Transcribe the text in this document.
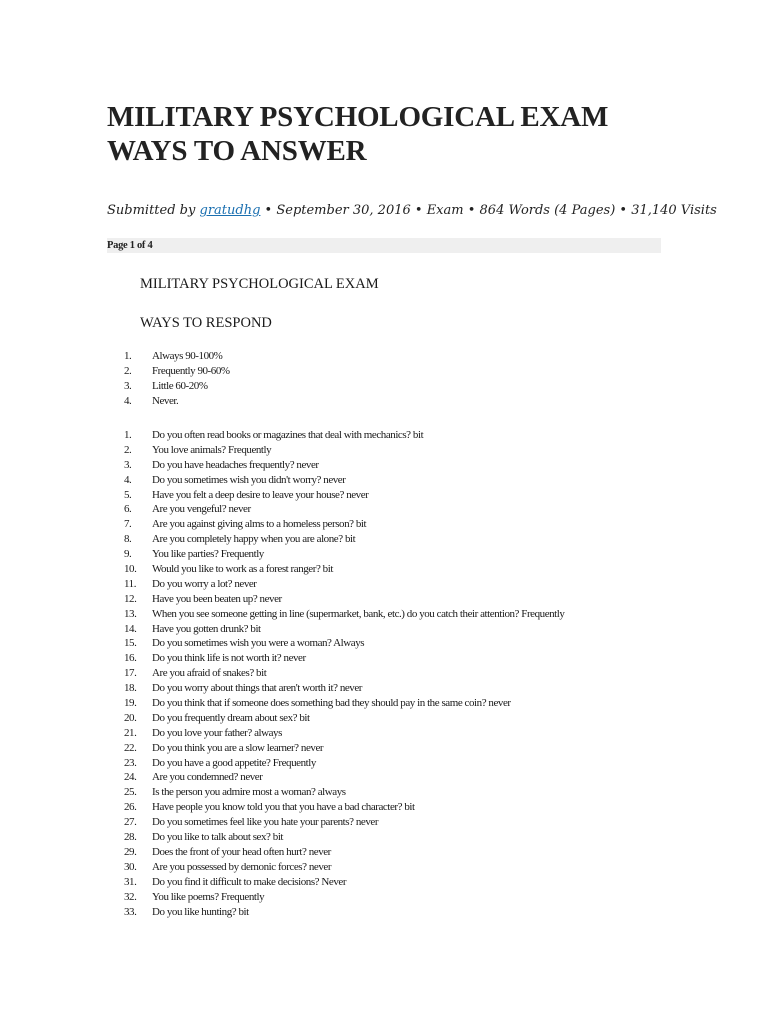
MILITARY PSYCHOLOGICAL EXAM
WAYS TO ANSWER
Submitted by gratudhg • September 30, 2016 • Exam • 864 Words (4 Pages) • 31,140 Visits
Page 1 of 4
MILITARY PSYCHOLOGICAL EXAM
WAYS TO RESPOND
1.	Always 90-100%
2.	Frequently 90-60%
3.	Little 60-20%
4.	Never.
1.	Do you often read books or magazines that deal with mechanics? bit
2.	You love animals? Frequently
3.	Do you have headaches frequently? never
4.	Do you sometimes wish you didn't worry? never
5.	Have you felt a deep desire to leave your house? never
6.	Are you vengeful? never
7.	Are you against giving alms to a homeless person? bit
8.	Are you completely happy when you are alone? bit
9.	You like parties? Frequently
10.	Would you like to work as a forest ranger? bit
11.	Do you worry a lot? never
12.	Have you been beaten up? never
13.	When you see someone getting in line (supermarket, bank, etc.) do you catch their attention? Frequently
14.	Have you gotten drunk? bit
15.	Do you sometimes wish you were a woman? Always
16.	Do you think life is not worth it? never
17.	Are you afraid of snakes? bit
18.	Do you worry about things that aren't worth it? never
19.	Do you think that if someone does something bad they should pay in the same coin? never
20.	Do you frequently dream about sex? bit
21.	Do you love your father? always
22.	Do you think you are a slow learner? never
23.	Do you have a good appetite? Frequently
24.	Are you condemned? never
25.	Is the person you admire most a woman? always
26.	Have people you know told you that you have a bad character? bit
27.	Do you sometimes feel like you hate your parents? never
28.	Do you like to talk about sex? bit
29.	Does the front of your head often hurt? never
30.	Are you possessed by demonic forces? never
31.	Do you find it difficult to make decisions? Never
32.	You like poems? Frequently
33.	Do you like hunting? bit
